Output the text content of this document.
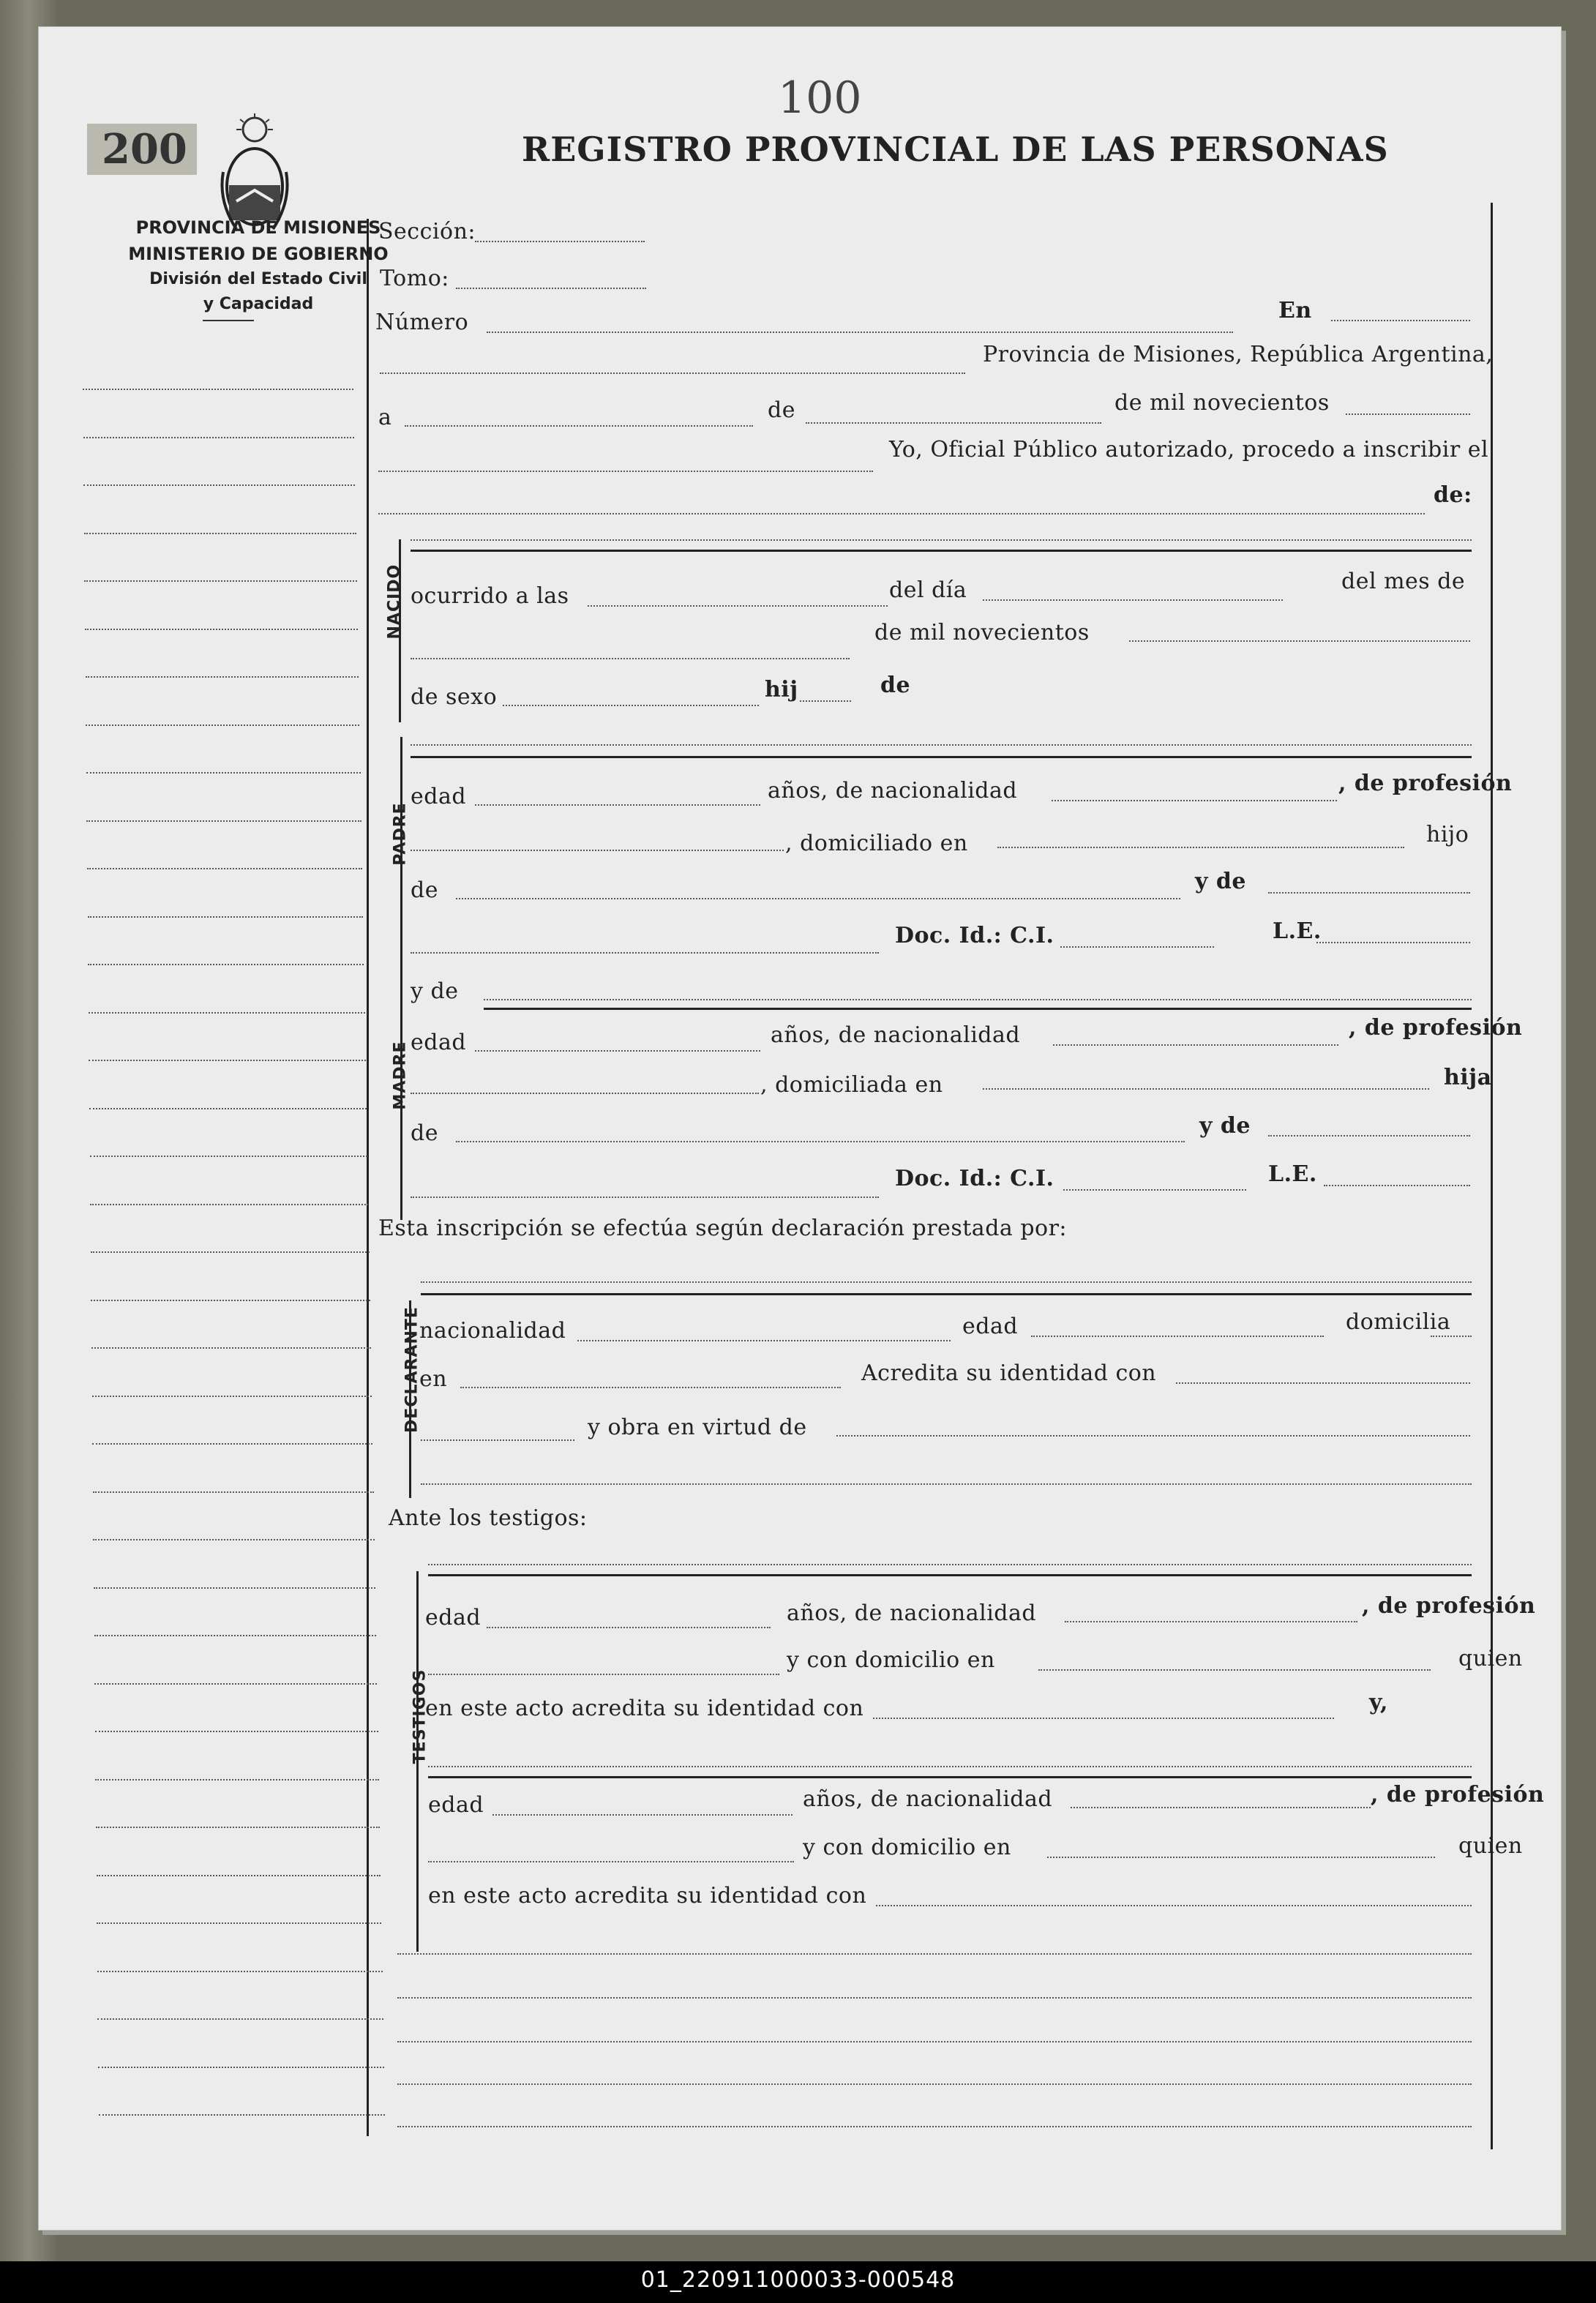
200
100
REGISTRO PROVINCIAL DE LAS PERSONAS
PROVINCIA DE MISIONES
MINISTERIO DE GOBIERNO
División del Estado Civil
y Capacidad
Sección:
Tomo:
Número	En
Provincia de Misiones, República Argentina,
a	de	de mil novecientos
Yo, Oficial Público autorizado, procedo a inscribir el
de:
NACIDO ocurrido a las	del día	del mes de
de mil novecientos
de sexo	hij	de
PADRE
edad	años, de nacionalidad	, de profesión
, domiciliado en	hijo
de	y de
Doc. Id.: C.I.	L.E.
MADRE
y de
edad	años, de nacionalidad	, de profesión
, domiciliada en	hija
de	y de
Doc. Id.: C.I.	L.E.
Esta inscripción se efectúa según declaración prestada por:
DECLARANTE
nacionalidad	edad	domicilia
en	Acredita su identidad con
y obra en virtud de
Ante los testigos:
TESTIGOS
edad	años, de nacionalidad	, de profesión
y con domicilio en	quien
en este acto acredita su identidad con	y,
edad	años, de nacionalidad	, de profesión
y con domicilio en	quien
en este acto acredita su identidad con
01_220911000033-000548
